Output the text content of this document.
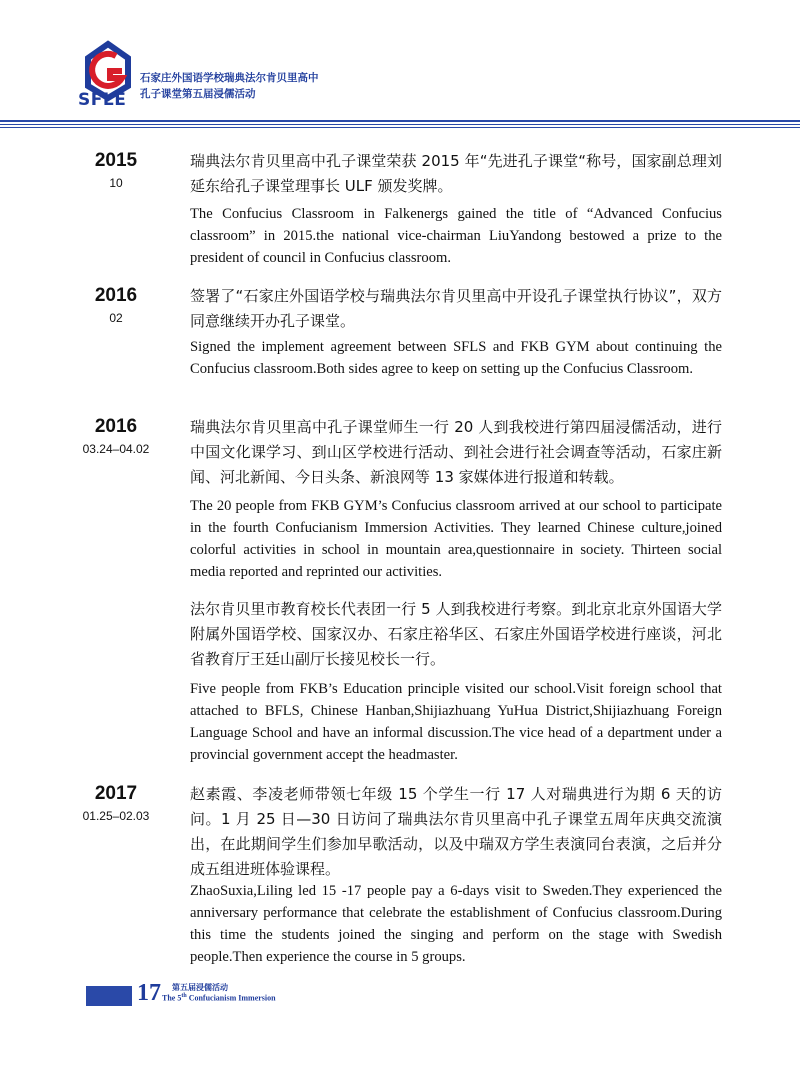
SFLE
石家庄外国语学校瑞典法尔肯贝里高中
孔子课堂第五届浸儒活动
2015
10
瑞典法尔肯贝里高中孔子课堂荣获 2015 年“先进孔子课堂“称号，国家副总理刘延东给孔子课堂理事长 ULF 颁发奖牌。
The Confucius Classroom in Falkenergs gained the title of “Advanced Confucius classroom” in 2015.the national vice-chairman LiuYandong bestowed a prize to the president of council in Confucius classroom.
2016
02
签署了“石家庄外国语学校与瑞典法尔肯贝里高中开设孔子课堂执行协议”，双方同意继续开办孔子课堂。
Signed the implement agreement between SFLS and FKB GYM about continuing the Confucius classroom.Both sides agree to keep on setting up the Confucius Classroom.
2016
03.24–04.02
瑞典法尔肯贝里高中孔子课堂师生一行 20 人到我校进行第四届浸儒活动，进行中国文化课学习、到山区学校进行活动、到社会进行社会调查等活动，石家庄新闻、河北新闻、今日头条、新浪网等 13 家媒体进行报道和转载。
The 20 people from FKB GYM’s Confucius classroom arrived at our school to participate in the fourth Confucianism Immersion Activities. They learned Chinese culture,joined colorful activities in school in mountain area,questionnaire in society. Thirteen social media reported and reprinted our activities.
法尔肯贝里市教育校长代表团一行 5 人到我校进行考察。到北京北京外国语大学附属外国语学校、国家汉办、石家庄裕华区、石家庄外国语学校进行座谈，河北省教育厅王廷山副厅长接见校长一行。
Five people from FKB’s Education principle visited our school.Visit foreign school that attached to BFLS, Chinese Hanban,Shijiazhuang YuHua District,Shijiazhuang Foreign Language School and have an informal discussion.The vice head of a department under a provincial government accept the headmaster.
2017
01.25–02.03
赵素霞、李凌老师带领七年级 15 个学生一行 17 人对瑞典进行为期 6 天的访问。1 月 25 日—30 日访问了瑞典法尔肯贝里高中孔子课堂五周年庆典交流演出，在此期间学生们参加早歌活动，以及中瑞双方学生表演同台表演，之后并分成五组进班体验课程。
ZhaoSuxia,Liling led 15 -17 people pay a 6-days visit to Sweden.They experienced the anniversary performance that celebrate the establishment of Confucius classroom.During this time the students joined the singing and perform on the stage with Swedish people.Then experience the course in 5 groups.
17 第五届浸儒活动
The 5th Confucianism Immersion
